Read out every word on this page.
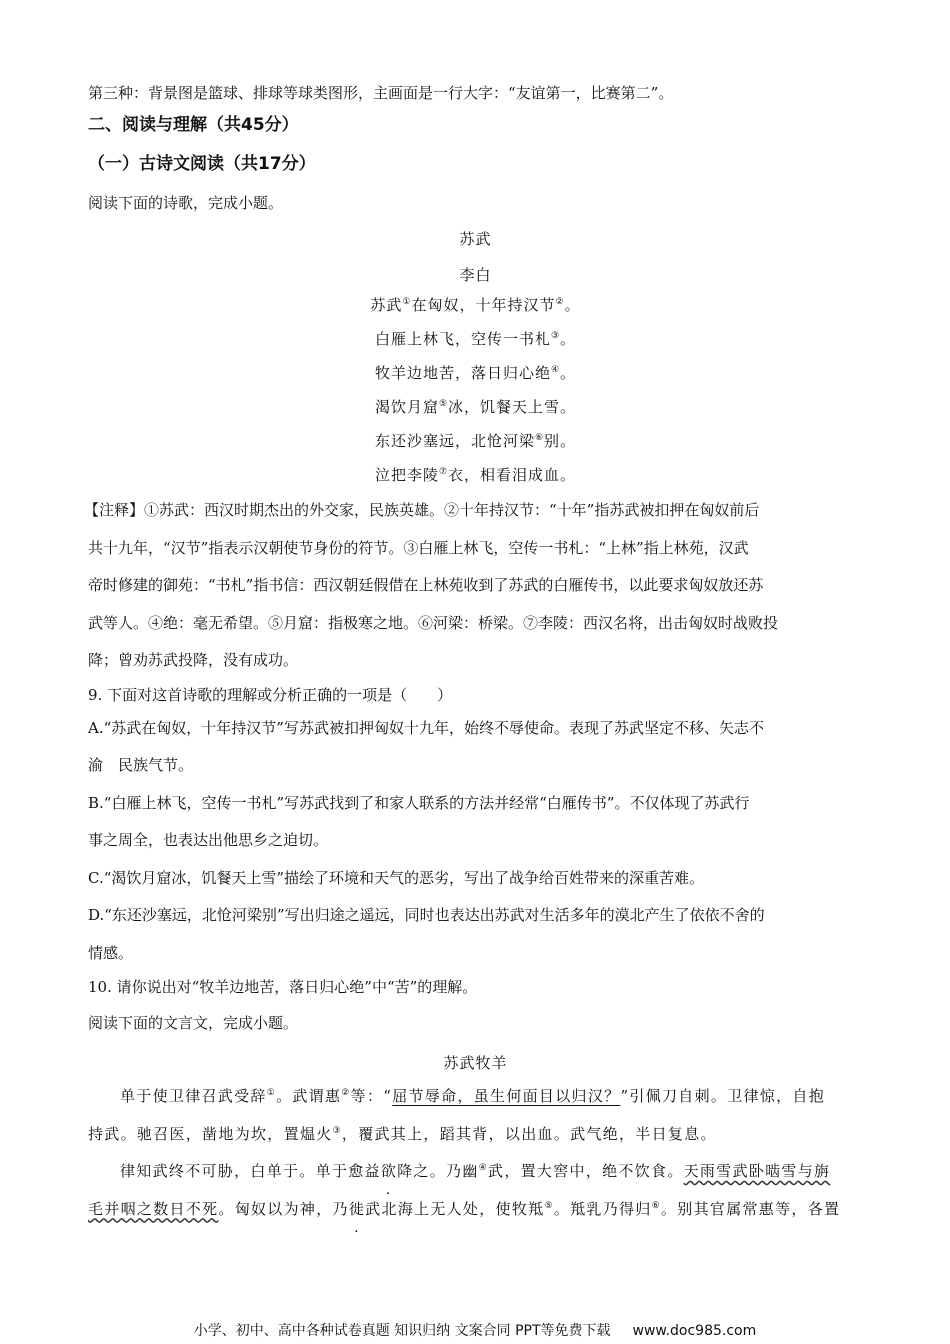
第三种：背景图是篮球、排球等球类图形，主画面是一行大字：“友谊第一，比赛第二”。

二、阅读与理解（共45分）

（一）古诗文阅读（共17分）

阅读下面的诗歌，完成小题。

苏武

李白

苏武①在匈奴，十年持汉节②。

白雁上林飞，空传一书札③。

牧羊边地苦，落日归心绝④。

渴饮月窟⑤冰，饥餐天上雪。

东还沙塞远，北怆河梁⑥别。

泣把李陵⑦衣，相看泪成血。

【注释】①苏武：西汉时期杰出的外交家，民族英雄。②十年持汉节：“十年”指苏武被扣押在匈奴前后

共十九年，“汉节”指表示汉朝使节身份的符节。③白雁上林飞，空传一书札：“上林”指上林苑，汉武

帝时修建的御苑：“书札”指书信：西汉朝廷假借在上林苑收到了苏武的白雁传书，以此要求匈奴放还苏

武等人。④绝：毫无希望。⑤月窟：指极寒之地。⑥河梁：桥梁。⑦李陵：西汉名将，出击匈奴时战败投

降；曾劝苏武投降，没有成功。

9. 下面对这首诗歌的理解或分析正确的一项是（　　）

A.“苏武在匈奴，十年持汉节”写苏武被扣押匈奴十九年，始终不辱使命。表现了苏武坚定不移、矢志不

渝　民族气节。

B.“白雁上林飞，空传一书札”写苏武找到了和家人联系的方法并经常“白雁传书”。不仅体现了苏武行

事之周全，也表达出他思乡之迫切。

C.“渴饮月窟冰，饥餐天上雪”描绘了环境和天气的恶劣，写出了战争给百姓带来的深重苦难。

D.“东还沙塞远，北怆河梁别”写出归途之遥远，同时也表达出苏武对生活多年的漠北产生了依依不舍的

情感。

10. 请你说出对“牧羊边地苦，落日归心绝”中“苦”的理解。

阅读下面的文言文，完成小题。

苏武牧羊

单于使卫律召武受辞①。武谓惠②等：“屈节辱命，虽生何面目以归汉？”引佩刀自刺。卫律惊，自抱

持武。驰召医，凿地为坎，置煴火③，覆武其上，蹈其背，以出血。武气绝，半日复息。

律知武终不可胁，白单于。单于愈益欲降之。乃幽④武，置大窖中，绝不饮食。天雨雪武卧啮雪与旃

毛并咽之数日不死。匈奴以为神，乃徙武北海上无人处，使牧羝⑤。羝乳乃得归⑥。别其官属常惠等，各置

小学、初中、高中各种试卷真题 知识归纳 文案合同 PPT等免费下载 www.doc985.com
